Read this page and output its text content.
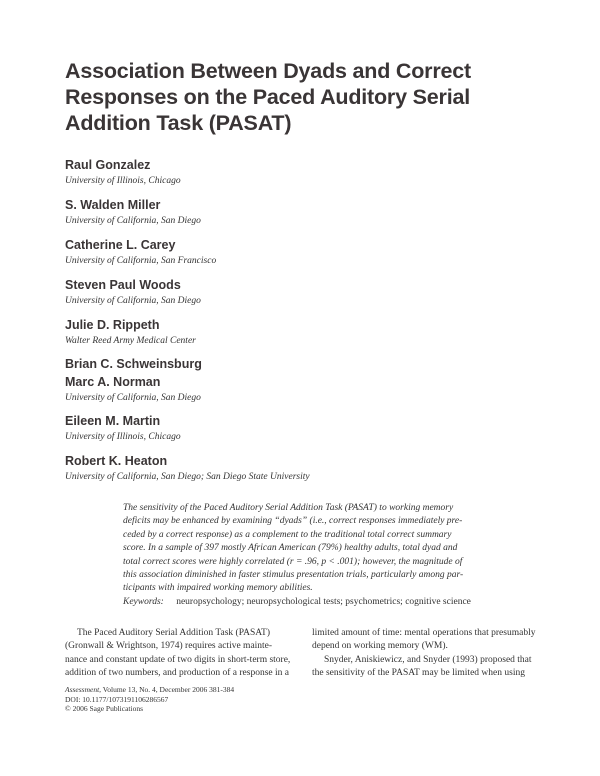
Association Between Dyads and Correct
Responses on the Paced Auditory Serial
Addition Task (PASAT)
Raul Gonzalez
University of Illinois, Chicago
S. Walden Miller
University of California, San Diego
Catherine L. Carey
University of California, San Francisco
Steven Paul Woods
University of California, San Diego
Julie D. Rippeth
Walter Reed Army Medical Center
Brian C. Schweinsburg
Marc A. Norman
University of California, San Diego
Eileen M. Martin
University of Illinois, Chicago
Robert K. Heaton
University of California, San Diego; San Diego State University
The sensitivity of the Paced Auditory Serial Addition Task (PASAT) to working memory
deficits may be enhanced by examining “dyads” (i.e., correct responses immediately pre-
ceded by a correct response) as a complement to the traditional total correct summary
score. In a sample of 397 mostly African American (79%) healthy adults, total dyad and
total correct scores were highly correlated (r = .96, p < .001); however, the magnitude of
this association diminished in faster stimulus presentation trials, particularly among par-
ticipants with impaired working memory abilities.
Keywords: neuropsychology; neuropsychological tests; psychometrics; cognitive science
The Paced Auditory Serial Addition Task (PASAT)
(Gronwall & Wrightson, 1974) requires active mainte-
nance and constant update of two digits in short-term store,
addition of two numbers, and production of a response in a
limited amount of time: mental operations that presumably
depend on working memory (WM).
Snyder, Aniskiewicz, and Snyder (1993) proposed that
the sensitivity of the PASAT may be limited when using
Assessment, Volume 13, No. 4, December 2006 381-384
DOI: 10.1177/1073191106286567
© 2006 Sage Publications
